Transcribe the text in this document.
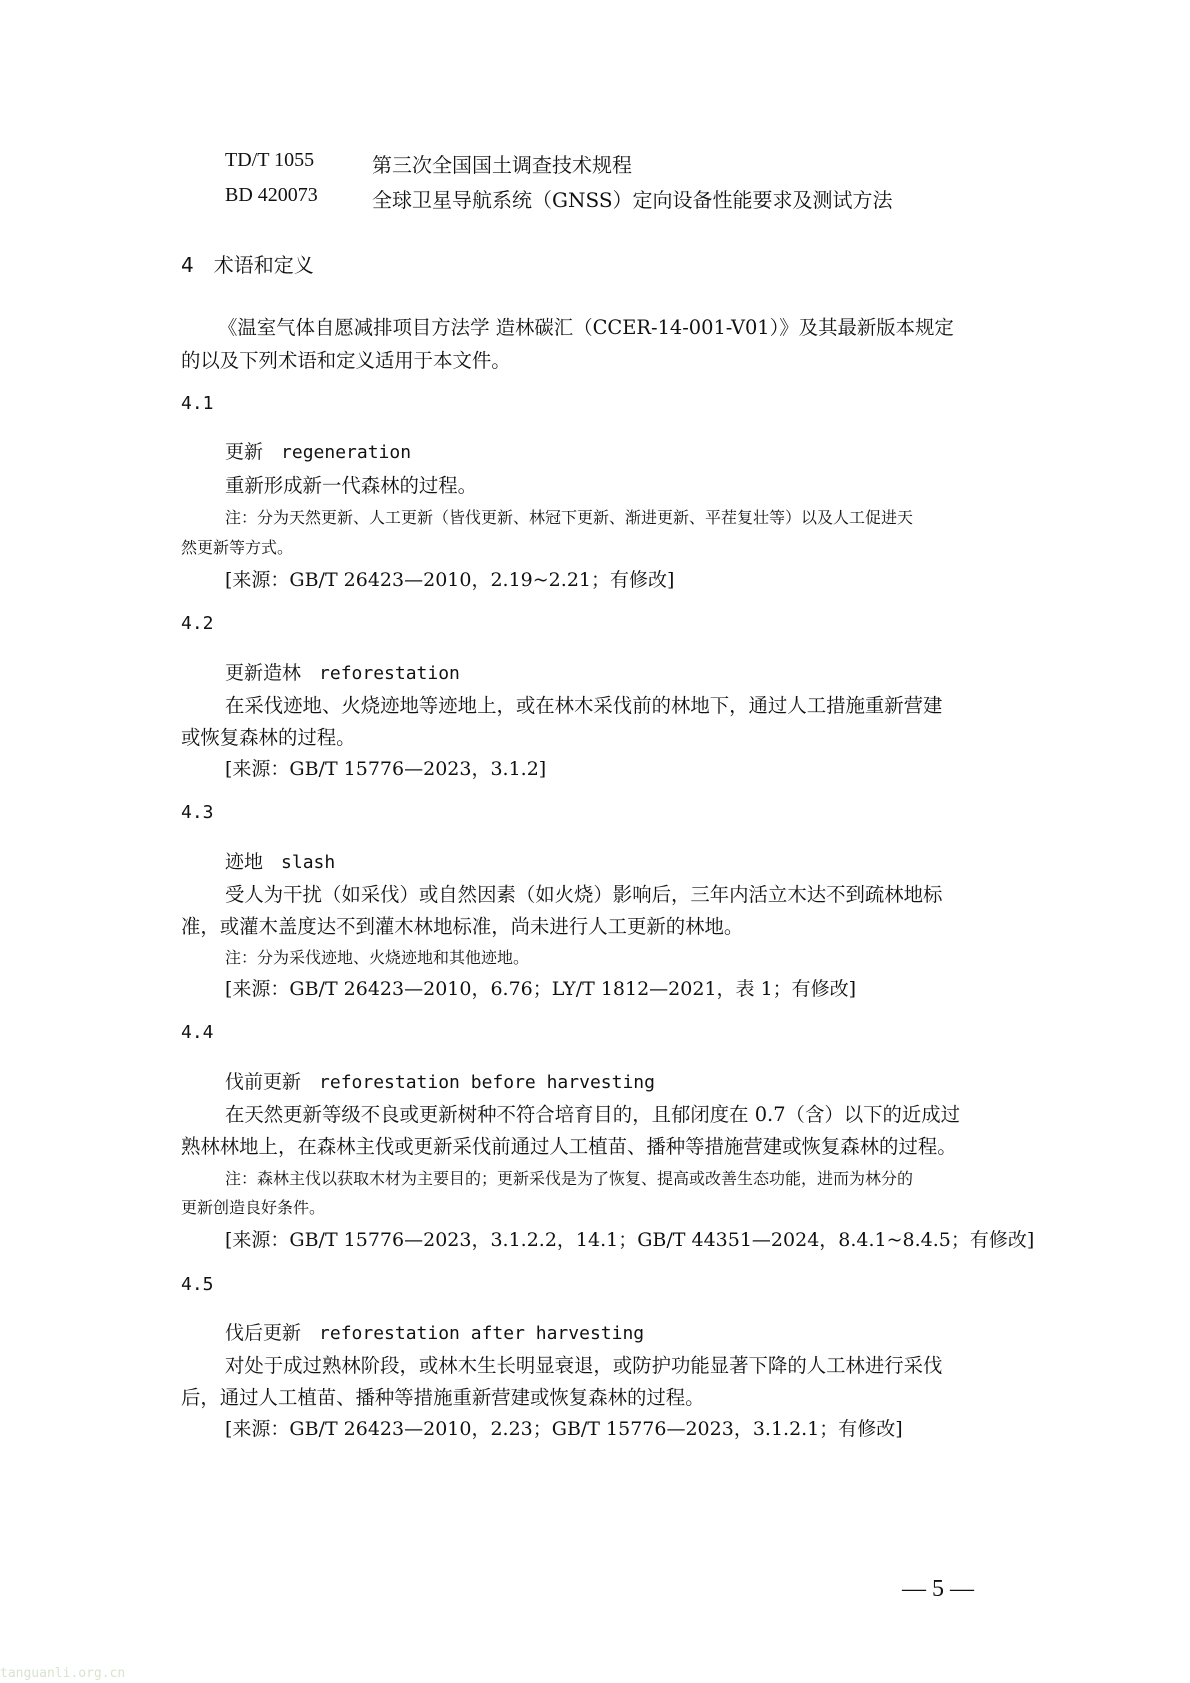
TD/T 1055	第三次全国国土调查技术规程
BD 420073	全球卫星导航系统（GNSS）定向设备性能要求及测试方法
4　术语和定义
《温室气体自愿减排项目方法学 造林碳汇（CCER-14-001-V01）》及其最新版本规定
的以及下列术语和定义适用于本文件。
4.1
更新 regeneration
重新形成新一代森林的过程。
注：分为天然更新、人工更新（皆伐更新、林冠下更新、渐进更新、平茬复壮等）以及人工促进天
然更新等方式。
[来源：GB/T 26423—2010，2.19~2.21；有修改]
4.2
更新造林 reforestation
在采伐迹地、火烧迹地等迹地上，或在林木采伐前的林地下，通过人工措施重新营建
或恢复森林的过程。
[来源：GB/T 15776—2023，3.1.2]
4.3
迹地 slash
受人为干扰（如采伐）或自然因素（如火烧）影响后，三年内活立木达不到疏林地标
准，或灌木盖度达不到灌木林地标准，尚未进行人工更新的林地。
注：分为采伐迹地、火烧迹地和其他迹地。
[来源：GB/T 26423—2010，6.76；LY/T 1812—2021，表 1；有修改]
4.4
伐前更新 reforestation before harvesting
在天然更新等级不良或更新树种不符合培育目的，且郁闭度在 0.7（含）以下的近成过
熟林林地上，在森林主伐或更新采伐前通过人工植苗、播种等措施营建或恢复森林的过程。
注：森林主伐以获取木材为主要目的；更新采伐是为了恢复、提高或改善生态功能，进而为林分的
更新创造良好条件。
[来源：GB/T 15776—2023，3.1.2.2，14.1；GB/T 44351—2024，8.4.1~8.4.5；有修改]
4.5
伐后更新 reforestation after harvesting
对处于成过熟林阶段，或林木生长明显衰退，或防护功能显著下降的人工林进行采伐
后，通过人工植苗、播种等措施重新营建或恢复森林的过程。
[来源：GB/T 26423—2010，2.23；GB/T 15776—2023，3.1.2.1；有修改]
— 5 —
tanguanli.org.cn
